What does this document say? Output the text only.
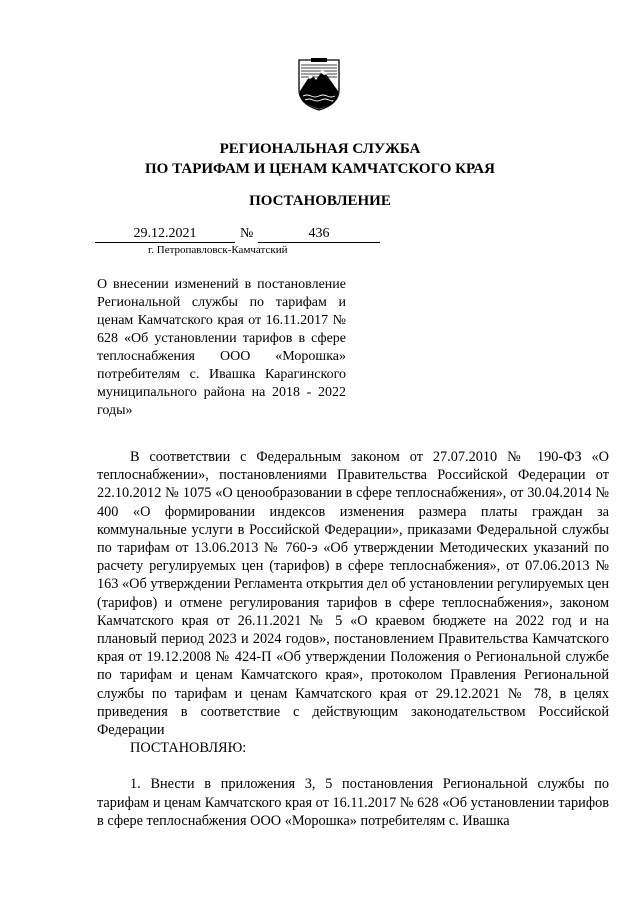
РЕГИОНАЛЬНАЯ СЛУЖБА
ПО ТАРИФАМ И ЦЕНАМ КАМЧАТСКОГО КРАЯ
ПОСТАНОВЛЕНИЕ
29.12.2021	№	436
г. Петропавловск-Камчатский
О внесении изменений в постановление Региональной службы по тарифам и ценам Камчатского края от 16.11.2017 № 628 «Об установлении тарифов в сфере теплоснабжения ООО «Морошка» потребителям с. Ивашка Карагинского муниципального района на 2018 - 2022 годы»

В соответствии с Федеральным законом от 27.07.2010 № 190-ФЗ «О теплоснабжении», постановлениями Правительства Российской Федерации от 22.10.2012 № 1075 «О ценообразовании в сфере теплоснабжения», от 30.04.2014 № 400 «О формировании индексов изменения размера платы граждан за коммунальные услуги в Российской Федерации», приказами Федеральной службы по тарифам от 13.06.2013 № 760-э «Об утверждении Методических указаний по расчету регулируемых цен (тарифов) в сфере теплоснабжения», от 07.06.2013 № 163 «Об утверждении Регламента открытия дел об установлении регулируемых цен (тарифов) и отмене регулирования тарифов в сфере теплоснабжения», законом Камчатского края от 26.11.2021 № 5 «О краевом бюджете на 2022 год и на плановый период 2023 и 2024 годов», постановлением Правительства Камчатского края от 19.12.2008 № 424-П «Об утверждении Положения о Региональной службе по тарифам и ценам Камчатского края», протоколом Правления Региональной службы по тарифам и ценам Камчатского края от 29.12.2021 № 78, в целях приведения в соответствие с действующим законодательством Российской Федерации

ПОСТАНОВЛЯЮ:

1. Внести в приложения 3, 5 постановления Региональной службы по тарифам и ценам Камчатского края от 16.11.2017 № 628 «Об установлении тарифов в сфере теплоснабжения ООО «Морошка» потребителям с. Ивашка
